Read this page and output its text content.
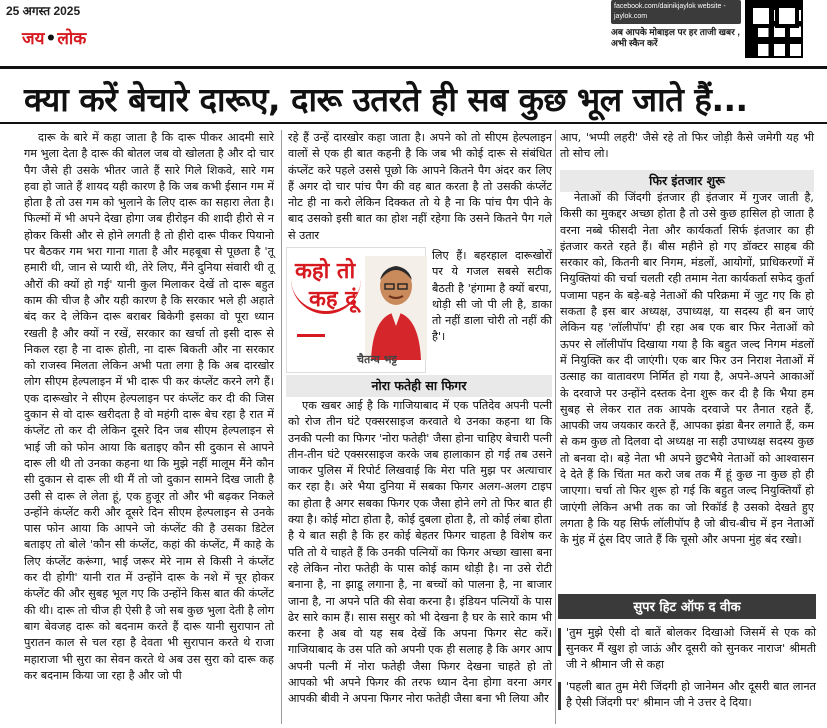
25 अगस्त 2025
जय•लोक
facebook.com/dainikjaylok website - jaylok.com
अब आपके मोबाइल पर हर ताजी खबर , अभी स्कैन करें
क्या करें बेचारे दारूए, दारू उतरते ही सब कुछ भूल जाते हैं...

दारू के बारे में कहा जाता है कि दारू पीकर आदमी सारे गम भुला देता है दारू की बोतल जब वो खोलता है और दो चार पैग जैसे ही उसके भीतर जाते हैं सारे गिले शिकवे, सारे गम हवा हो जाते हैं शायद यही कारण है कि जब कभी ईसान गम में होता है तो उस गम को भुलाने के लिए दारू का सहारा लेता है। फिल्मों में भी अपने देखा होगा जब हीरोइन की शादी हीरो से न होकर किसी और से होने लगती है तो हीरो दारू पीकर पियानो पर बैठकर गम भरा गाना गाता है और महबूबा से पूछता है 'तू हमारी थी, जान से प्यारी थी, तेरे लिए, मैंने दुनिया संवारी थी तू औरों की क्यों हो गई' यानी कुल मिलाकर देखें तो दारू बहुत काम की चीज है और यही कारण है कि सरकार भले ही अहाते बंद कर दे लेकिन दारू बराबर बिकेगी इसका वो पूरा ध्यान रखती है और क्यों न रखें, सरकार का खर्चा तो इसी दारू से निकल रहा है ना दारू होती, ना दारू बिकती और ना सरकार को राजस्व मिलता लेकिन अभी पता लगा है कि अब दारखोर लोग सीएम हेल्पलाइन में भी दारू पी कर कंप्लेंट करने लगे हैं। एक दारूखोर ने सीएम हेल्पलाइन पर कंप्लेंट कर दी की जिस दुकान से वो दारू खरीदता है वो महंगी दारू बेच रहा है रात में कंप्लेंट तो कर दी लेकिन दूसरे दिन जब सीएम हेल्पलाइन से भाई जी को फोन आया कि बताइए कौन सी दुकान से आपने दारू ली थी तो उनका कहना था कि मुझे नहीं मालूम मैंने कौन सी दुकान से दारू ली थी मैं तो जो दुकान सामने दिख जाती है उसी से दारू ले लेता हूं, एक हुजूर तो और भी बढ़कर निकले उन्होंने कंप्लेंट करी और दूसरे दिन सीएम हेल्पलाइन से उनके पास फोन आया कि आपने जो कंप्लेंट की है उसका डिटेल बताइए तो बोले 'कौन सी कंप्लेंट, कहां की कंप्लेंट, मैं काहे के लिए कंप्लेंट करूंगा, भाई जरूर मेरे नाम से किसी ने कंप्लेंट कर दी होगी' यानी रात में उन्होंने दारू के नशे में चूर होकर कंप्लेंट की और सुबह भूल गए कि उन्होंने किस बात की कंप्लेंट की थी। दारू तो चीज ही ऐसी है जो सब कुछ भुला देती है लोग बाग बेवजह दारू को बदनाम करते हैं दारू यानी सुरापान तो पुरातन काल से चल रहा है देवता भी सुरापान करते थे राजा महाराजा भी सुरा का सेवन करते थे अब उस सुरा को दारू कह कर बदनाम किया जा रहा है और जो पी

रहे हैं उन्हें दारखोर कहा जाता है। अपने को तो सीएम हेल्पलाइन वालों से एक ही बात कहनी है कि जब भी कोई दारू से संबंधित कंप्लेंट करे पहले उससे पूछो कि आपने कितने पैग अंदर कर लिए हैं अगर दो चार पांच पैग की वह बात करता है तो उसकी कंप्लेंट नोट ही ना करो लेकिन दिक्कत तो ये है ना कि पांच पैग पीने के बाद उसको इसी बात का होश नहीं रहेगा कि उसने कितने पैग गले से उतार
कहो तो
कह दूं
चैतन्य भट्ट
लिए हैं। बहरहाल दारूखोरों पर ये गजल सबसे सटीक बैठती है 'हंगामा है क्यों बरपा, थोड़ी सी जो पी ली है, डाका तो नहीं डाला चोरी तो नहीं की है'।
नोरा फतेही सा फिगर

एक खबर आई है कि गाजियाबाद में एक पतिदेव अपनी पत्नी को रोज तीन घंटे एक्सरसाइज करवाते थे उनका कहना था कि उनकी पत्नी का फिगर 'नोरा फतेही' जैसा होना चाहिए बेचारी पत्नी तीन-तीन घंटे एक्सरसाइज करके जब हालाकान हो गई तब उसने जाकर पुलिस में रिपोर्ट लिखवाई कि मेरा पति मुझ पर अत्याचार कर रहा है। अरे भैया दुनिया में सबका फिगर अलग-अलग टाइप का होता है अगर सबका फिगर एक जैसा होने लगे तो फिर बात ही क्या है। कोई मोटा होता है, कोई दुबला होता है, तो कोई लंबा होता है ये बात सही है कि हर कोई बेहतर फिगर चाहता है विशेष कर पति तो ये चाहते हैं कि उनकी पत्नियों का फिगर अच्छा खासा बना रहे लेकिन नोरा फतेही के पास कोई काम थोड़ी है। ना उसे रोटी बनाना है, ना झाडू लगाना है, ना बच्चों को पालना है, ना बाजार जाना है, ना अपने पति की सेवा करना है। इंडियन पत्नियों के पास ढेर सारे काम हैं। सास ससुर को भी देखना है घर के सारे काम भी करना है अब वो यह सब देखें कि अपना फिगर सेट करें। गाजियाबाद के उस पति को अपनी एक ही सलाह है कि अगर आप अपनी पत्नी में नोरा फतेही जैसा फिगर देखना चाहते हो तो आपको भी अपने फिगर की तरफ ध्यान देना होगा वरना अगर आपकी बीवी ने अपना फिगर नोरा फतेही जैसा बना भी लिया और

आप, 'भप्पी लहरी' जैसे रहे तो फिर जोड़ी कैसे जमेगी यह भी तो सोच लो।
फिर इंतजार शुरू

नेताओं की जिंदगी इंतजार ही इंतजार में गुजर जाती है, किसी का मुकद्दर अच्छा होता है तो उसे कुछ हासिल हो जाता है वरना नब्बे फीसदी नेता और कार्यकर्ता सिर्फ इंतजार का ही इंतजार करते रहते हैं। बीस महीने हो गए डॉक्टर साहब की सरकार को, कितनी बार निगम, मंडलों, आयोगों, प्राधिकरणों में नियुक्तियां की चर्चा चलती रही तमाम नेता कार्यकर्ता सफेद कुर्ता पजामा पहन के बड़े-बड़े नेताओं की परिक्रमा में जुट गए कि हो सकता है इस बार अध्यक्ष, उपाध्यक्ष, या सदस्य ही बन जाएं लेकिन यह 'लॉलीपॉप' ही रहा अब एक बार फिर नेताओं को ऊपर से लॉलीपॉप दिखाया गया है कि बहुत जल्द निगम मंडलों में नियुक्ति कर दी जाएंगी। एक बार फिर उन निराश नेताओं में उत्साह का वातावरण निर्मित हो गया है, अपने-अपने आकाओं के दरवाजे पर उन्होंने दस्तक देना शुरू कर दी है कि भैया हम सुबह से लेकर रात तक आपके दरवाजे पर तैनात रहते हैं, आपकी जय जयकार करते हैं, आपका झंडा बैनर लगाते हैं, कम से कम कुछ तो दिलवा दो अध्यक्ष ना सही उपाध्यक्ष सदस्य कुछ तो बनवा दो। बड़े नेता भी अपने छुटभैये नेताओं को आश्वासन दे देते हैं कि चिंता मत करो जब तक मैं हूं कुछ ना कुछ हो ही जाएगा। चर्चा तो फिर शुरू हो गई कि बहुत जल्द नियुक्तियाँ हो जाएंगी लेकिन अभी तक का जो रिकॉर्ड है उसको देखते हुए लगता है कि यह सिर्फ लॉलीपॉप है जो बीच-बीच में इन नेताओं के मुंह में ठूंस दिए जाते हैं कि चूसो और अपना मुंह बंद रखो।

सुपर हिट ऑफ द वीक
'तुम मुझे ऐसी दो बातें बोलकर दिखाओ जिसमें से एक को सुनकर मैं खुश हो जाऊं और दूसरी को सुनकर नाराज' श्रीमती जी ने श्रीमान जी से कहा
'पहली बात तुम मेरी जिंदगी हो जानेमन और दूसरी बात लानत है ऐसी जिंदगी पर' श्रीमान जी ने उत्तर दे दिया।
